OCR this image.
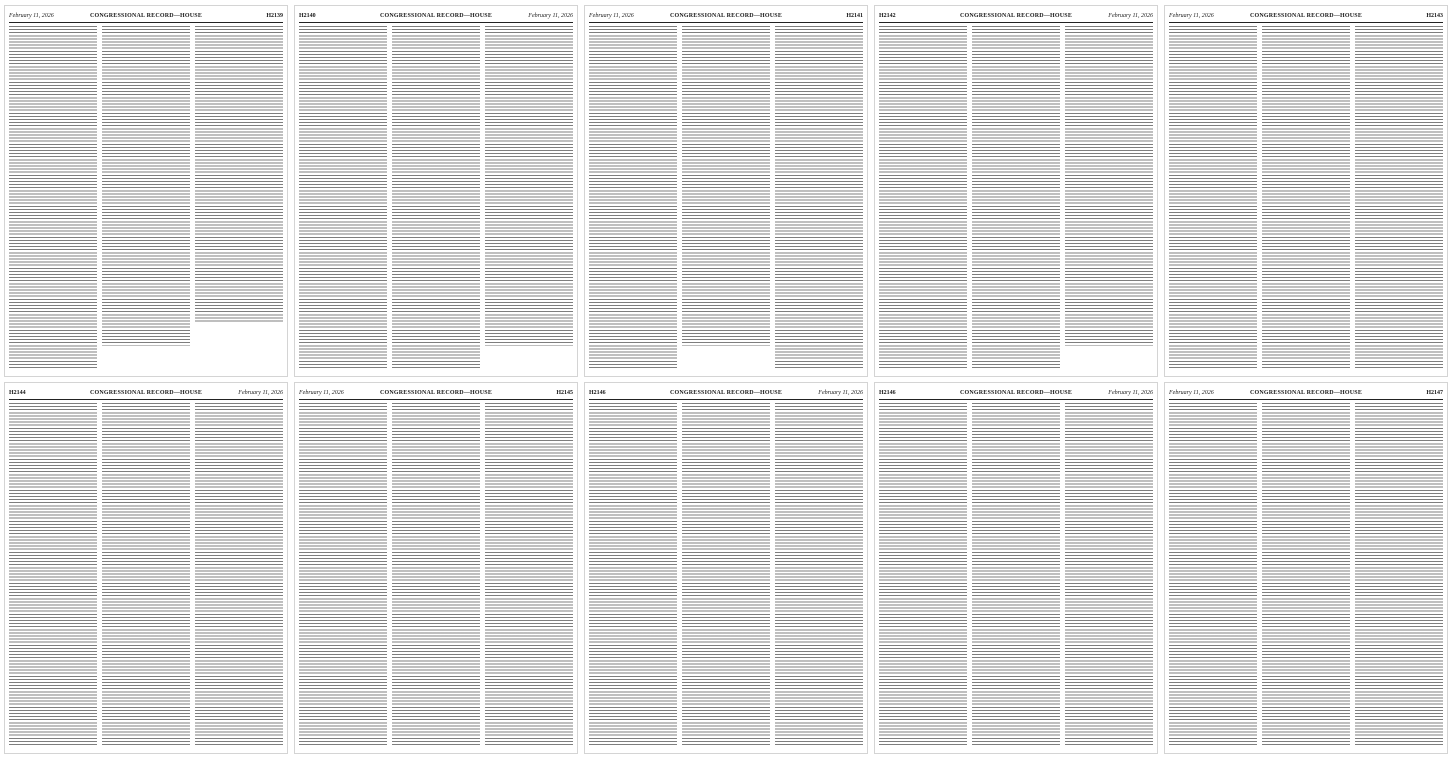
February 11, 2026	CONGRESSIONAL RECORD—HOUSE	H2139	H2140	CONGRESSIONAL RECORD—HOUSE	February 11, 2026	February 11, 2026	CONGRESSIONAL RECORD—HOUSE	H2141	H2142	CONGRESSIONAL RECORD—HOUSE	February 11, 2026	February 11, 2026	CONGRESSIONAL RECORD—HOUSE	H2143
H2144	CONGRESSIONAL RECORD—HOUSE	February 11, 2026	February 11, 2026	CONGRESSIONAL RECORD—HOUSE	H2145	H2146	CONGRESSIONAL RECORD—HOUSE	February 11, 2026	H2146	CONGRESSIONAL RECORD—HOUSE	February 11, 2026	February 11, 2026	CONGRESSIONAL RECORD—HOUSE	H2147
